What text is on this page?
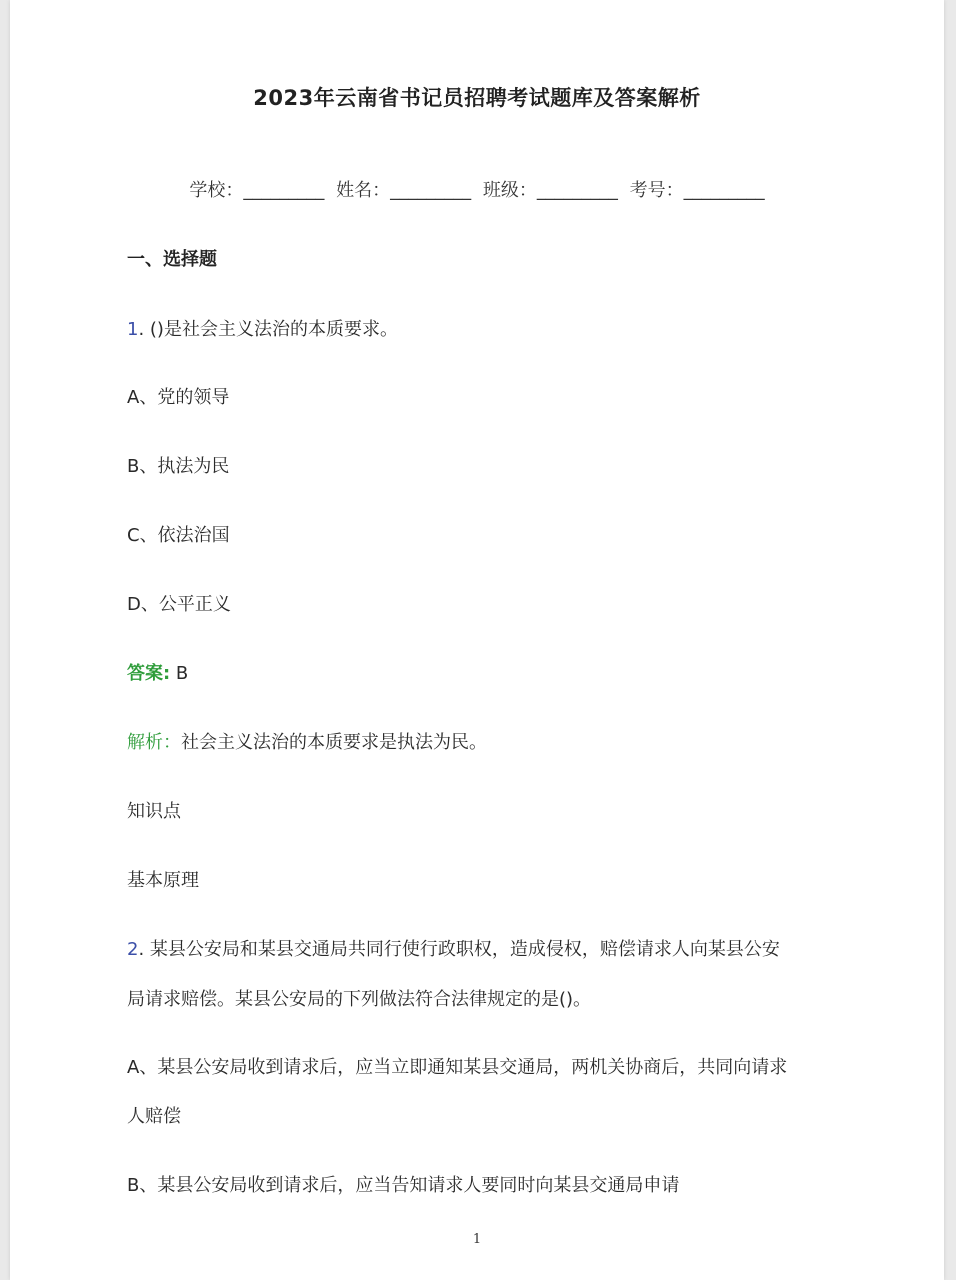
2023年云南省书记员招聘考试题库及答案解析
学校：_________ 姓名：_________ 班级：_________ 考号：_________
一、选择题
1. ()是社会主义法治的本质要求。
A、党的领导
B、执法为民
C、依法治国
D、公平正义
答案: B
解析：社会主义法治的本质要求是执法为民。
知识点
基本原理
2. 某县公安局和某县交通局共同行使行政职权，造成侵权，赔偿请求人向某县公安
局请求赔偿。某县公安局的下列做法符合法律规定的是()。
A、某县公安局收到请求后，应当立即通知某县交通局，两机关协商后，共同向请求
人赔偿
B、某县公安局收到请求后，应当告知请求人要同时向某县交通局申请
1
